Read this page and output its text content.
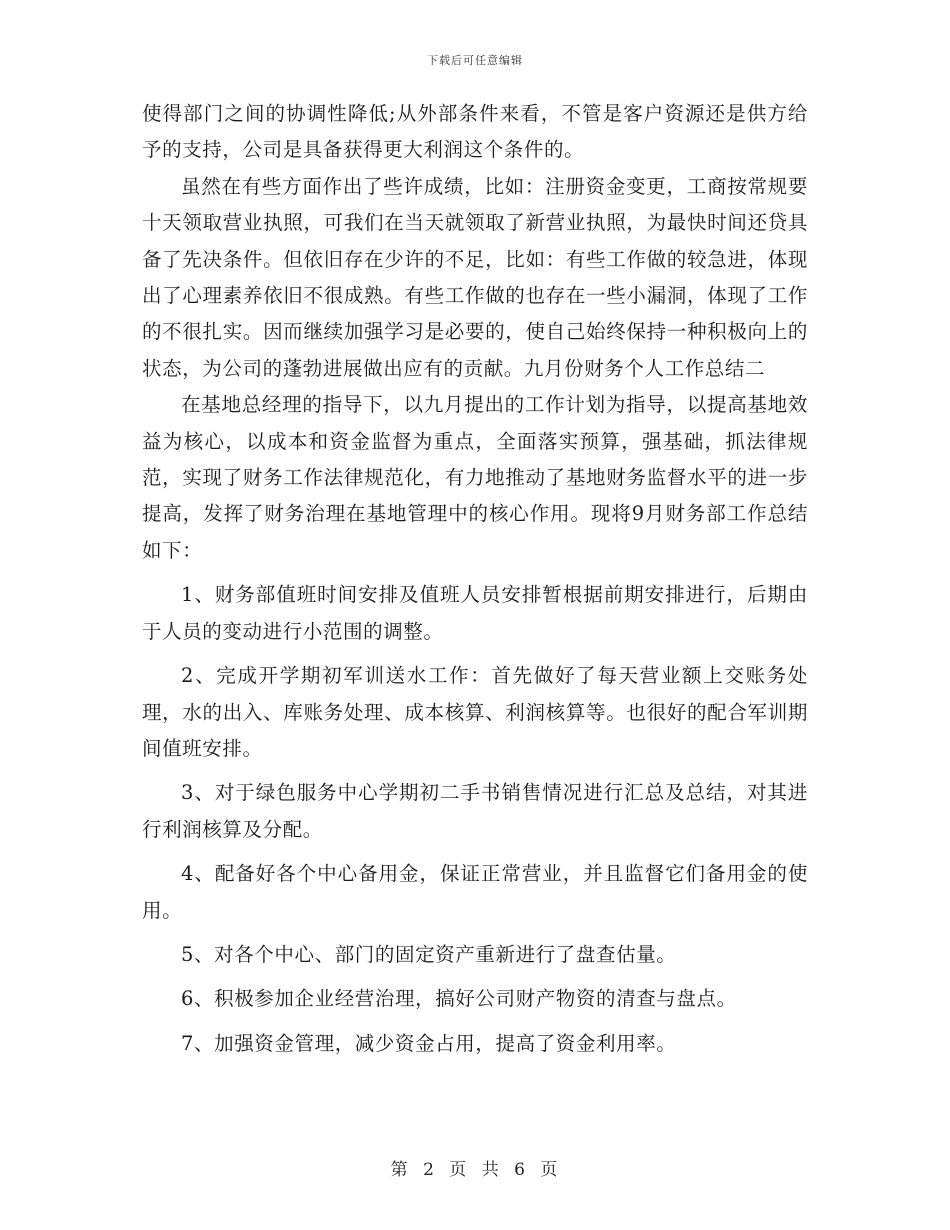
下载后可任意编辑

使得部门之间的协调性降低;从外部条件来看，不管是客户资源还是供方给予的支持，公司是具备获得更大利润这个条件的。

虽然在有些方面作出了些许成绩，比如：注册资金变更，工商按常规要十天领取营业执照，可我们在当天就领取了新营业执照，为最快时间还贷具备了先决条件。但依旧存在少许的不足，比如：有些工作做的较急进，体现出了心理素养依旧不很成熟。有些工作做的也存在一些小漏洞，体现了工作的不很扎实。因而继续加强学习是必要的，使自己始终保持一种积极向上的状态，为公司的蓬勃进展做出应有的贡献。九月份财务个人工作总结二

在基地总经理的指导下，以九月提出的工作计划为指导，以提高基地效益为核心，以成本和资金监督为重点，全面落实预算，强基础，抓法律规范，实现了财务工作法律规范化，有力地推动了基地财务监督水平的进一步提高，发挥了财务治理在基地管理中的核心作用。现将9月财务部工作总结如下：

1、财务部值班时间安排及值班人员安排暂根据前期安排进行，后期由于人员的变动进行小范围的调整。

2、完成开学期初军训送水工作：首先做好了每天营业额上交账务处理，水的出入、库账务处理、成本核算、利润核算等。也很好的配合军训期间值班安排。

3、对于绿色服务中心学期初二手书销售情况进行汇总及总结，对其进行利润核算及分配。

4、配备好各个中心备用金，保证正常营业，并且监督它们备用金的使用。

5、对各个中心、部门的固定资产重新进行了盘查估量。

6、积极参加企业经营治理，搞好公司财产物资的清查与盘点。

7、加强资金管理，减少资金占用，提高了资金利用率。

第 2 页 共 6 页
